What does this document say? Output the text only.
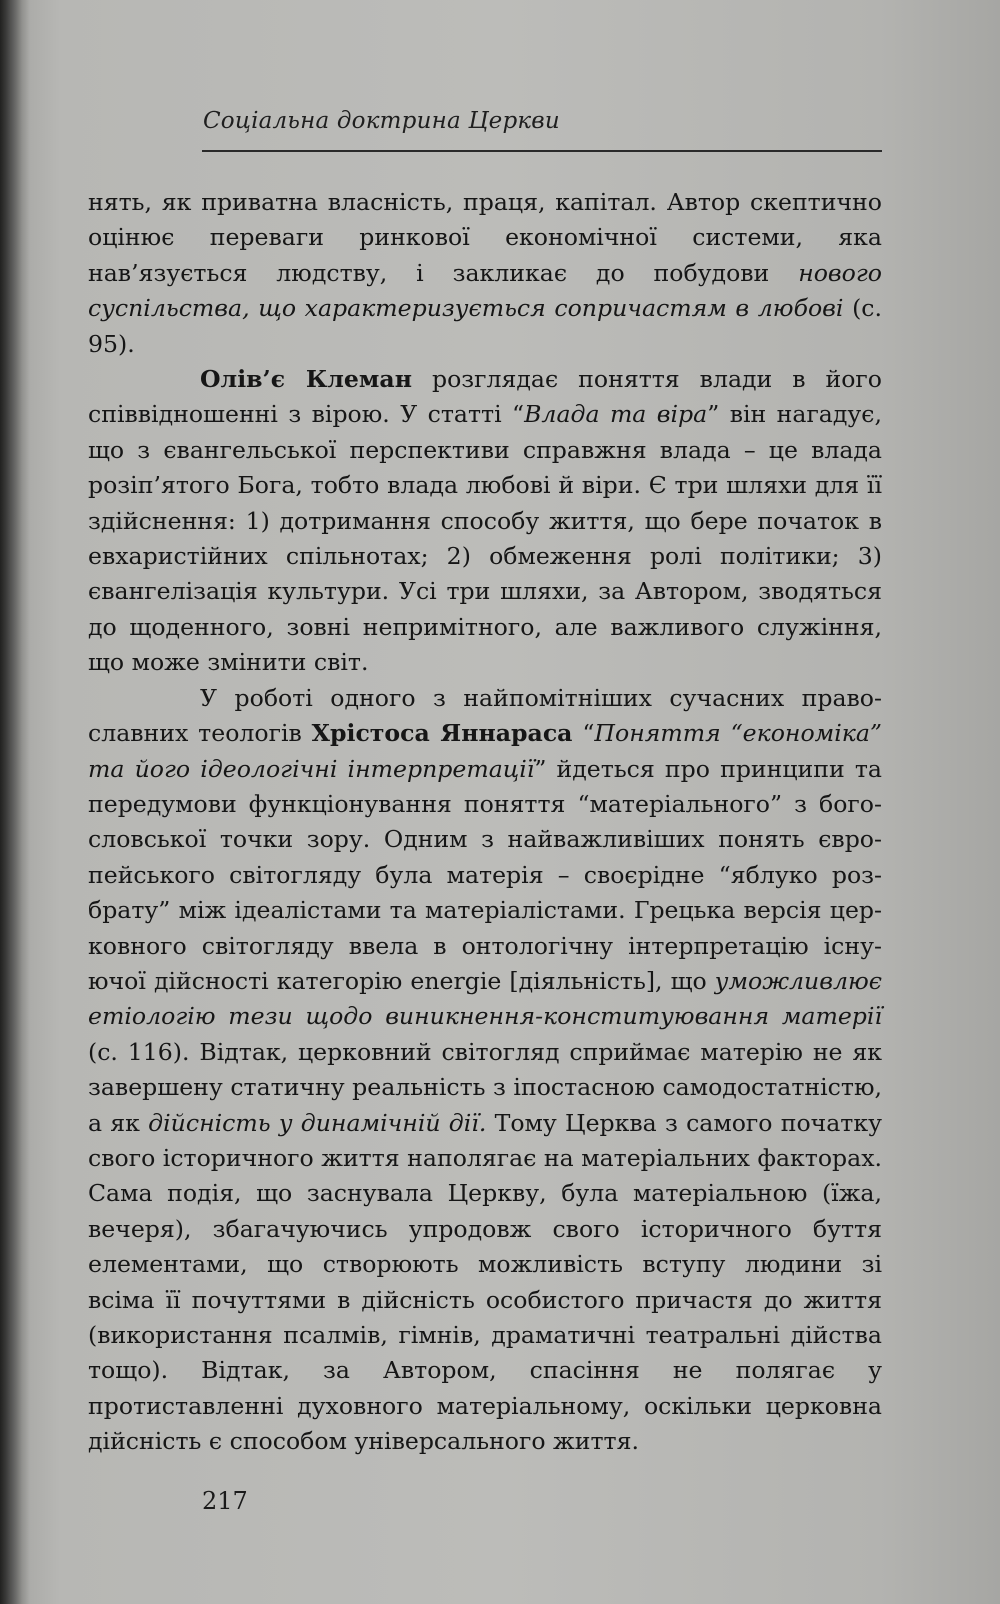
Соціальна доктрина Церкви

нять, як приватна власність, праця, капітал. Автор скептично оцінює переваги ринкової економічної системи, яка нав’язується людству, і закликає до побудови нового суспільства, що характеризується сопричастям в любові (с. 95).

Олів’є Клеман розглядає поняття влади в його співвідношенні з вірою. У статті “Влада та віра” він нагадує, що з євангельської перспективи справжня влада – це влада розіп’ятого Бога, тобто влада любові й віри. Є три шляхи для її здійснення: 1) дотримання способу життя, що бере початок в евхаристійних спільнотах; 2) обмеження ролі політики; 3) євангелізація культури. Усі три шляхи, за Автором, зводяться до щоденного, зовні непримітного, але важливого служіння, що може змінити світ.

У роботі одного з найпомітніших сучасних православних теологів Хрістоса Яннараса “Поняття “економіка” та його ідеологічні інтерпретації” йдеться про принципи та передумови функціонування поняття “матеріального” з богословської точки зору. Одним з найважливіших понять європейського світогляду була матерія – своєрідне “яблуко розбрату” між ідеалістами та матеріалістами. Грецька версія церковного світогляду ввела в онтологічну інтерпретацію існуючої дійсності категорію energie [діяльність], що уможливлює етіологію тези щодо виникнення-конституювання матерії (с. 116). Відтак, церковний світогляд сприймає матерію не як завершену статичну реальність з іпостасною самодостатністю, а як дійсність у динамічній дії. Тому Церква з самого початку свого історичного життя наполягає на матеріальних факторах. Сама подія, що заснувала Церкву, була матеріальною (їжа, вечеря), збагачуючись упродовж свого історичного буття елементами, що створюють можливість вступу людини зі всіма її почуттями в дійсність особистого причастя до життя (використання псалмів, гімнів, драматичні театральні дійства тощо). Відтак, за Автором, спасіння не полягає у протиставленні духовного матеріальному, оскільки церковна дійсність є способом універсального життя.

217
